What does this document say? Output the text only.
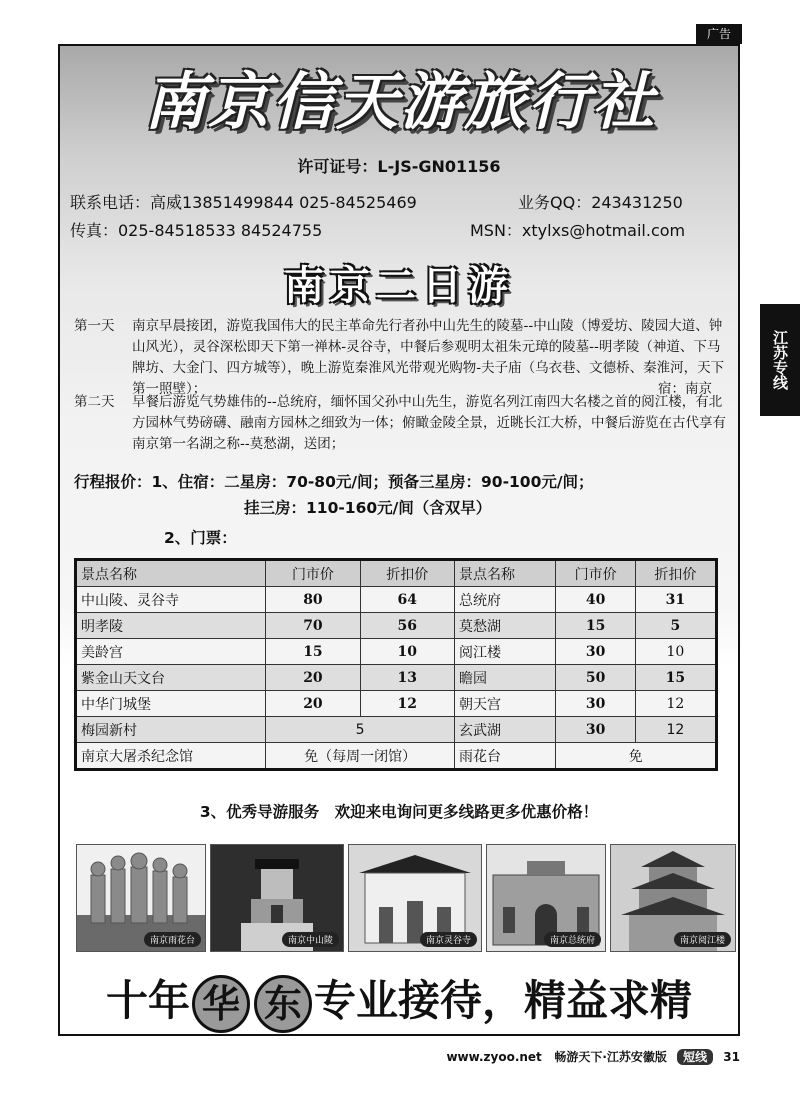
广告
江苏专线
南京信天游旅行社
许可证号：L-JS-GN01156
联系电话：高威13851499844 025-84525469	业务QQ：243431250
传真：025-84518533 84524755	MSN：xtylxs@hotmail.com
南京二日游
第一天 南京早晨接团，游览我国伟大的民主革命先行者孙中山先生的陵墓--中山陵（博爱坊、陵园大道、钟山风光），灵谷深松即天下第一禅林-灵谷寺，中餐后参观明太祖朱元璋的陵墓--明孝陵（神道、下马牌坊、大金门、四方城等），晚上游览秦淮风光带观光购物-夫子庙（乌衣巷、文德桥、秦淮河，天下第一照壁）；	宿：南京
第二天 早餐后游览气势雄伟的--总统府，缅怀国父孙中山先生，游览名列江南四大名楼之首的阅江楼，有北方园林气势磅礴、融南方园林之细致为一体；俯瞰金陵全景，近眺长江大桥，中餐后游览在古代享有南京第一名湖之称--莫愁湖，送团；
行程报价：1、住宿：二星房：70-80元/间；预备三星房：90-100元/间；
挂三房：110-160元/间（含双早）
2、门票：
景点名称	门市价	折扣价	景点名称	门市价	折扣价
中山陵、灵谷寺	80	64	总统府	40	31
明孝陵	70	56	莫愁湖	15	5
美龄宫	15	10	阅江楼	30	10
紫金山天文台	20	13	瞻园	50	15
中华门城堡	20	12	朝天宫	30	12
梅园新村	5		玄武湖	30	12
南京大屠杀纪念馆	免（每周一闭馆）		雨花台	免	
3、优秀导游服务　欢迎来电询问更多线路更多优惠价格！
南京雨花台	南京中山陵	南京灵谷寺	南京总统府	南京阅江楼
十年 华 东 专业接待，精益求精
www.zyoo.net 畅游天下·江苏安徽版 短线 31
